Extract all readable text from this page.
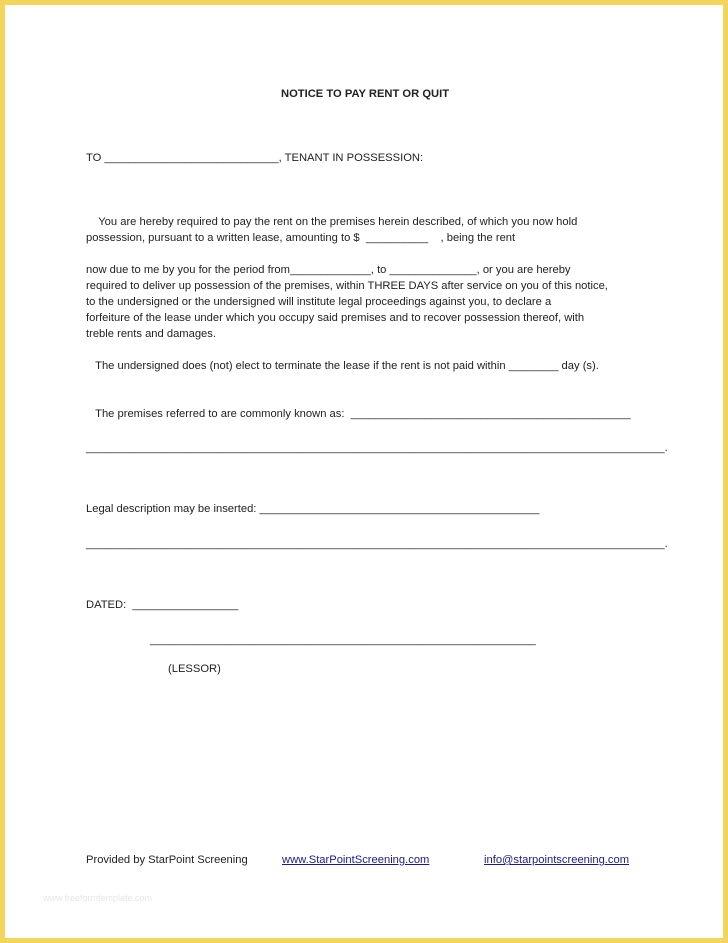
NOTICE TO PAY RENT OR QUIT
TO ____________________________, TENANT IN POSSESSION:
You are hereby required to pay the rent on the premises herein described, of which you now hold
possession, pursuant to a written lease, amounting to $  __________    , being the rent
now due to me by you for the period from_____________, to ______________, or you are hereby
required to deliver up possession of the premises, within THREE DAYS after service on you of this notice,
to the undersigned or the undersigned will institute legal proceedings against you, to declare a
forfeiture of the lease under which you occupy said premises and to recover possession thereof, with
treble rents and damages.
The undersigned does (not) elect to terminate the lease if the rent is not paid within ________ day (s).
The premises referred to are commonly known as:  _____________________________________________
_____________________________________________________________________________________________.
Legal description may be inserted: _____________________________________________
_____________________________________________________________________________________________.
DATED:  _________________
______________________________________________________________
(LESSOR)
Provided by StarPoint Screening	www.StarPointScreening.com	info@starpointscreening.com
www.freeformtemplate.com
